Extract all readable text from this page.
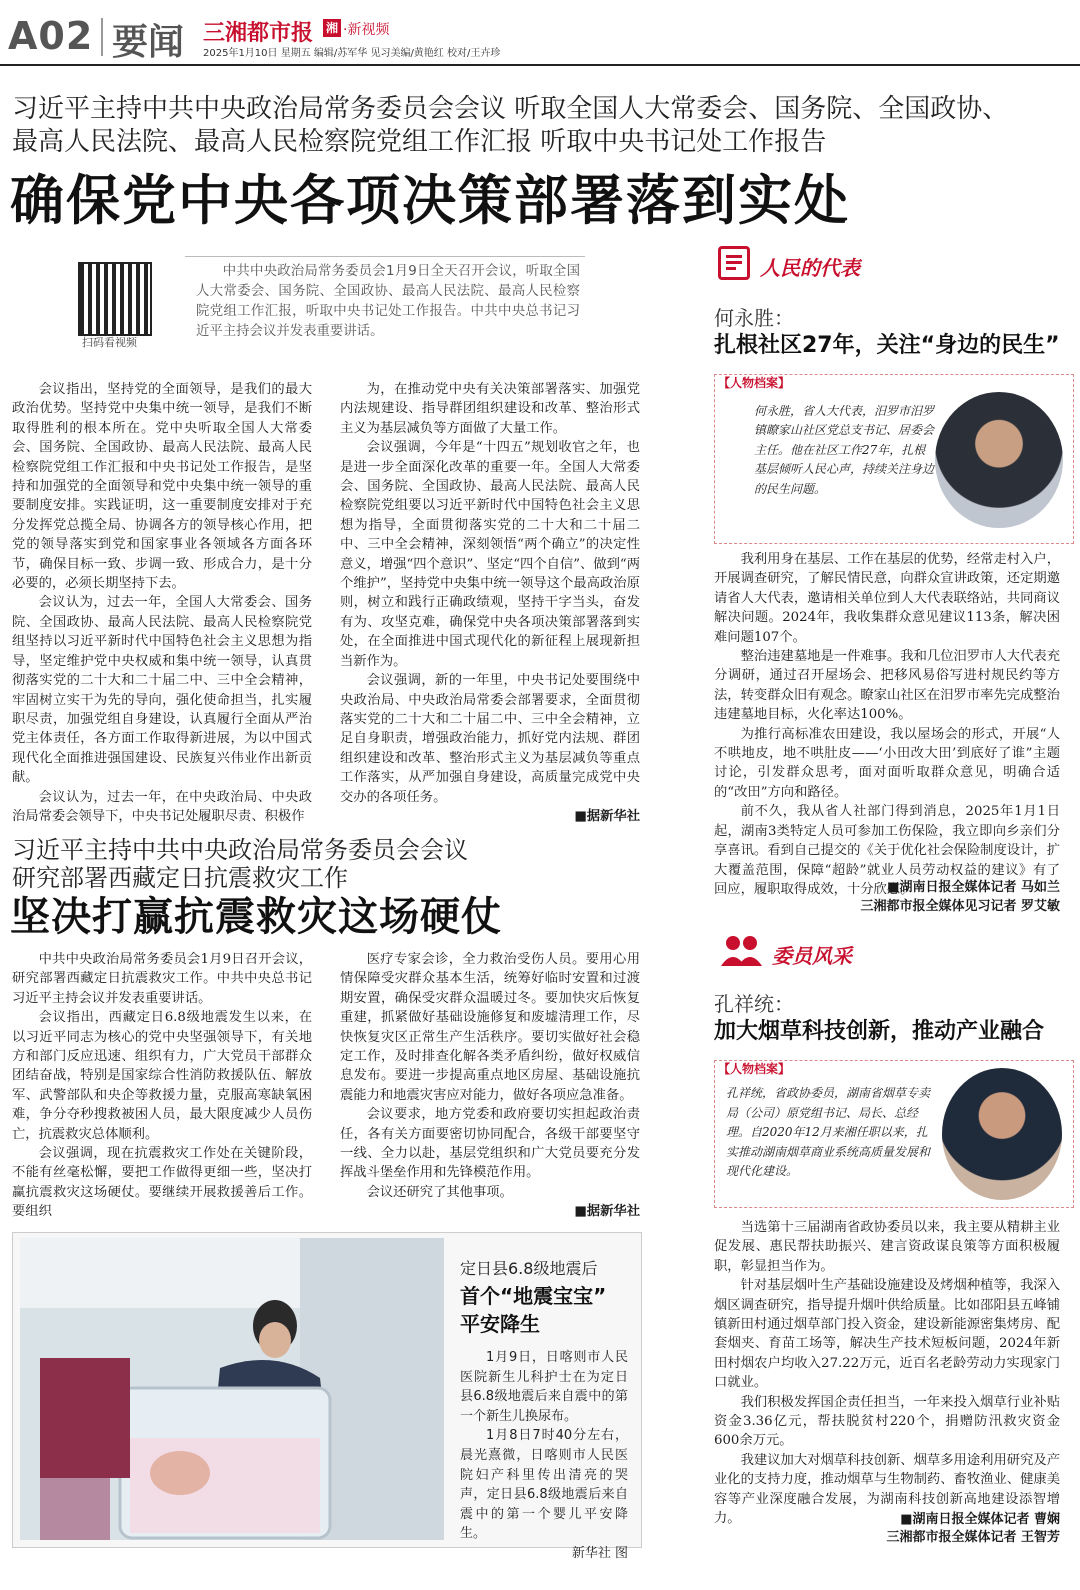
A02 要闻 三湘都市报 湘 ·新视频
2025年1月10日 星期五 编辑/苏军华 见习美编/黄艳红 校对/王卉珍
习近平主持中共中央政治局常务委员会会议 听取全国人大常委会、国务院、全国政协、
最高人民法院、最高人民检察院党组工作汇报 听取中央书记处工作报告
确保党中央各项决策部署落到实处
扫码看视频
中共中央政治局常务委员会1月9日全天召开会议，听取全国人大常委会、国务院、全国政协、最高人民法院、最高人民检察院党组工作汇报，听取中央书记处工作报告。中共中央总书记习近平主持会议并发表重要讲话。

会议指出，坚持党的全面领导，是我们的最大政治优势。坚持党中央集中统一领导，是我们不断取得胜利的根本所在。党中央听取全国人大常委会、国务院、全国政协、最高人民法院、最高人民检察院党组工作汇报和中央书记处工作报告，是坚持和加强党的全面领导和党中央集中统一领导的重要制度安排。实践证明，这一重要制度安排对于充分发挥党总揽全局、协调各方的领导核心作用，把党的领导落实到党和国家事业各领域各方面各环节，确保目标一致、步调一致、形成合力，是十分必要的，必须长期坚持下去。

会议认为，过去一年，全国人大常委会、国务院、全国政协、最高人民法院、最高人民检察院党组坚持以习近平新时代中国特色社会主义思想为指导，坚定维护党中央权威和集中统一领导，认真贯彻落实党的二十大和二十届二中、三中全会精神，牢固树立实干为先的导向，强化使命担当，扎实履职尽责，加强党组自身建设，认真履行全面从严治党主体责任，各方面工作取得新进展，为以中国式现代化全面推进强国建设、民族复兴伟业作出新贡献。

会议认为，过去一年，在中央政治局、中央政治局常委会领导下，中央书记处履职尽责、积极作

为，在推动党中央有关决策部署落实、加强党内法规建设、指导群团组织建设和改革、整治形式主义为基层减负等方面做了大量工作。

会议强调，今年是“十四五”规划收官之年，也是进一步全面深化改革的重要一年。全国人大常委会、国务院、全国政协、最高人民法院、最高人民检察院党组要以习近平新时代中国特色社会主义思想为指导，全面贯彻落实党的二十大和二十届二中、三中全会精神，深刻领悟“两个确立”的决定性意义，增强“四个意识”、坚定“四个自信”、做到“两个维护”，坚持党中央集中统一领导这个最高政治原则，树立和践行正确政绩观，坚持干字当头，奋发有为、攻坚克难，确保党中央各项决策部署落到实处，在全面推进中国式现代化的新征程上展现新担当新作为。

会议强调，新的一年里，中央书记处要围绕中央政治局、中央政治局常委会部署要求，全面贯彻落实党的二十大和二十届二中、三中全会精神，立足自身职责，增强政治能力，抓好党内法规、群团组织建设和改革、整治形式主义为基层减负等重点工作落实，从严加强自身建设，高质量完成党中央交办的各项任务。

■据新华社
习近平主持中共中央政治局常务委员会会议
研究部署西藏定日抗震救灾工作
坚决打赢抗震救灾这场硬仗

中共中央政治局常务委员会1月9日召开会议，研究部署西藏定日抗震救灾工作。中共中央总书记习近平主持会议并发表重要讲话。

会议指出，西藏定日6.8级地震发生以来，在以习近平同志为核心的党中央坚强领导下，有关地方和部门反应迅速、组织有力，广大党员干部群众团结奋战，特别是国家综合性消防救援队伍、解放军、武警部队和央企等救援力量，克服高寒缺氧困难，争分夺秒搜救被困人员，最大限度减少人员伤亡，抗震救灾总体顺利。

会议强调，现在抗震救灾工作处在关键阶段，不能有丝毫松懈，要把工作做得更细一些，坚决打赢抗震救灾这场硬仗。要继续开展救援善后工作。要组织

医疗专家会诊，全力救治受伤人员。要用心用情保障受灾群众基本生活，统筹好临时安置和过渡期安置，确保受灾群众温暖过冬。要加快灾后恢复重建，抓紧做好基础设施修复和废墟清理工作，尽快恢复灾区正常生产生活秩序。要切实做好社会稳定工作，及时排查化解各类矛盾纠纷，做好权威信息发布。要进一步提高重点地区房屋、基础设施抗震能力和地震灾害应对能力，做好各项应急准备。

会议要求，地方党委和政府要切实担起政治责任，各有关方面要密切协同配合，各级干部要坚守一线、全力以赴，基层党组织和广大党员要充分发挥战斗堡垒作用和先锋模范作用。

会议还研究了其他事项。

■据新华社
定日县6.8级地震后
首个“地震宝宝”
平安降生

1月9日，日喀则市人民医院新生儿科护士在为定日县6.8级地震后来自震中的第一个新生儿换尿布。

1月8日7时40分左右，晨光熹微，日喀则市人民医院妇产科里传出清亮的哭声，定日县6.8级地震后来自震中的第一个婴儿平安降生。

新华社 图
人民的代表
何永胜：
扎根社区27年，关注“身边的民生”
【人物档案】
何永胜，省人大代表，汨罗市汨罗镇瞭家山社区党总支书记、居委会主任。他在社区工作27年，扎根基层倾听人民心声，持续关注身边的民生问题。

我利用身在基层、工作在基层的优势，经常走村入户，开展调查研究，了解民情民意，向群众宣讲政策，还定期邀请省人大代表，邀请相关单位到人大代表联络站，共同商议解决问题。2024年，我收集群众意见建议113条，解决困难问题107个。

整治违建墓地是一件难事。我和几位汨罗市人大代表充分调研，通过召开屋场会、把移风易俗写进村规民约等方法，转变群众旧有观念。瞭家山社区在汨罗市率先完成整治违建墓地目标，火化率达100%。

为推行高标准农田建设，我以屋场会的形式，开展“人不哄地皮，地不哄肚皮——‘小田改大田’到底好了谁”主题讨论，引发群众思考，面对面听取群众意见，明确合适的“改田”方向和路径。

前不久，我从省人社部门得到消息，2025年1月1日起，湖南3类特定人员可参加工伤保险，我立即向乡亲们分享喜讯。看到自己提交的《关于优化社会保险制度设计，扩大覆盖范围，保障“超龄”就业人员劳动权益的建议》有了回应，履职取得成效，十分欣慰。

■湖南日报全媒体记者 马如兰
三湘都市报全媒体见习记者 罗艾敏
委员风采
孔祥统：
加大烟草科技创新，推动产业融合
【人物档案】
孔祥统，省政协委员，湖南省烟草专卖局（公司）原党组书记、局长、总经理。自2020年12月来湘任职以来，扎实推动湖南烟草商业系统高质量发展和现代化建设。

当选第十三届湖南省政协委员以来，我主要从精耕主业促发展、惠民帮扶助振兴、建言资政谋良策等方面积极履职，彰显担当作为。

针对基层烟叶生产基础设施建设及烤烟种植等，我深入烟区调查研究，指导提升烟叶供给质量。比如邵阳县五峰铺镇新田村通过烟草部门投入资金，建设新能源密集烤房、配套烟夹、育苗工场等，解决生产技术短板问题，2024年新田村烟农户均收入27.22万元，近百名老龄劳动力实现家门口就业。

我们积极发挥国企责任担当，一年来投入烟草行业补贴资金3.36亿元，帮扶脱贫村220个，捐赠防汛救灾资金600余万元。

我建议加大对烟草科技创新、烟草多用途利用研究及产业化的支持力度，推动烟草与生物制药、畜牧渔业、健康美容等产业深度融合发展，为湖南科技创新高地建设添智增力。	■湖南日报全媒体记者 曹娴
三湘都市报全媒体记者 王智芳
